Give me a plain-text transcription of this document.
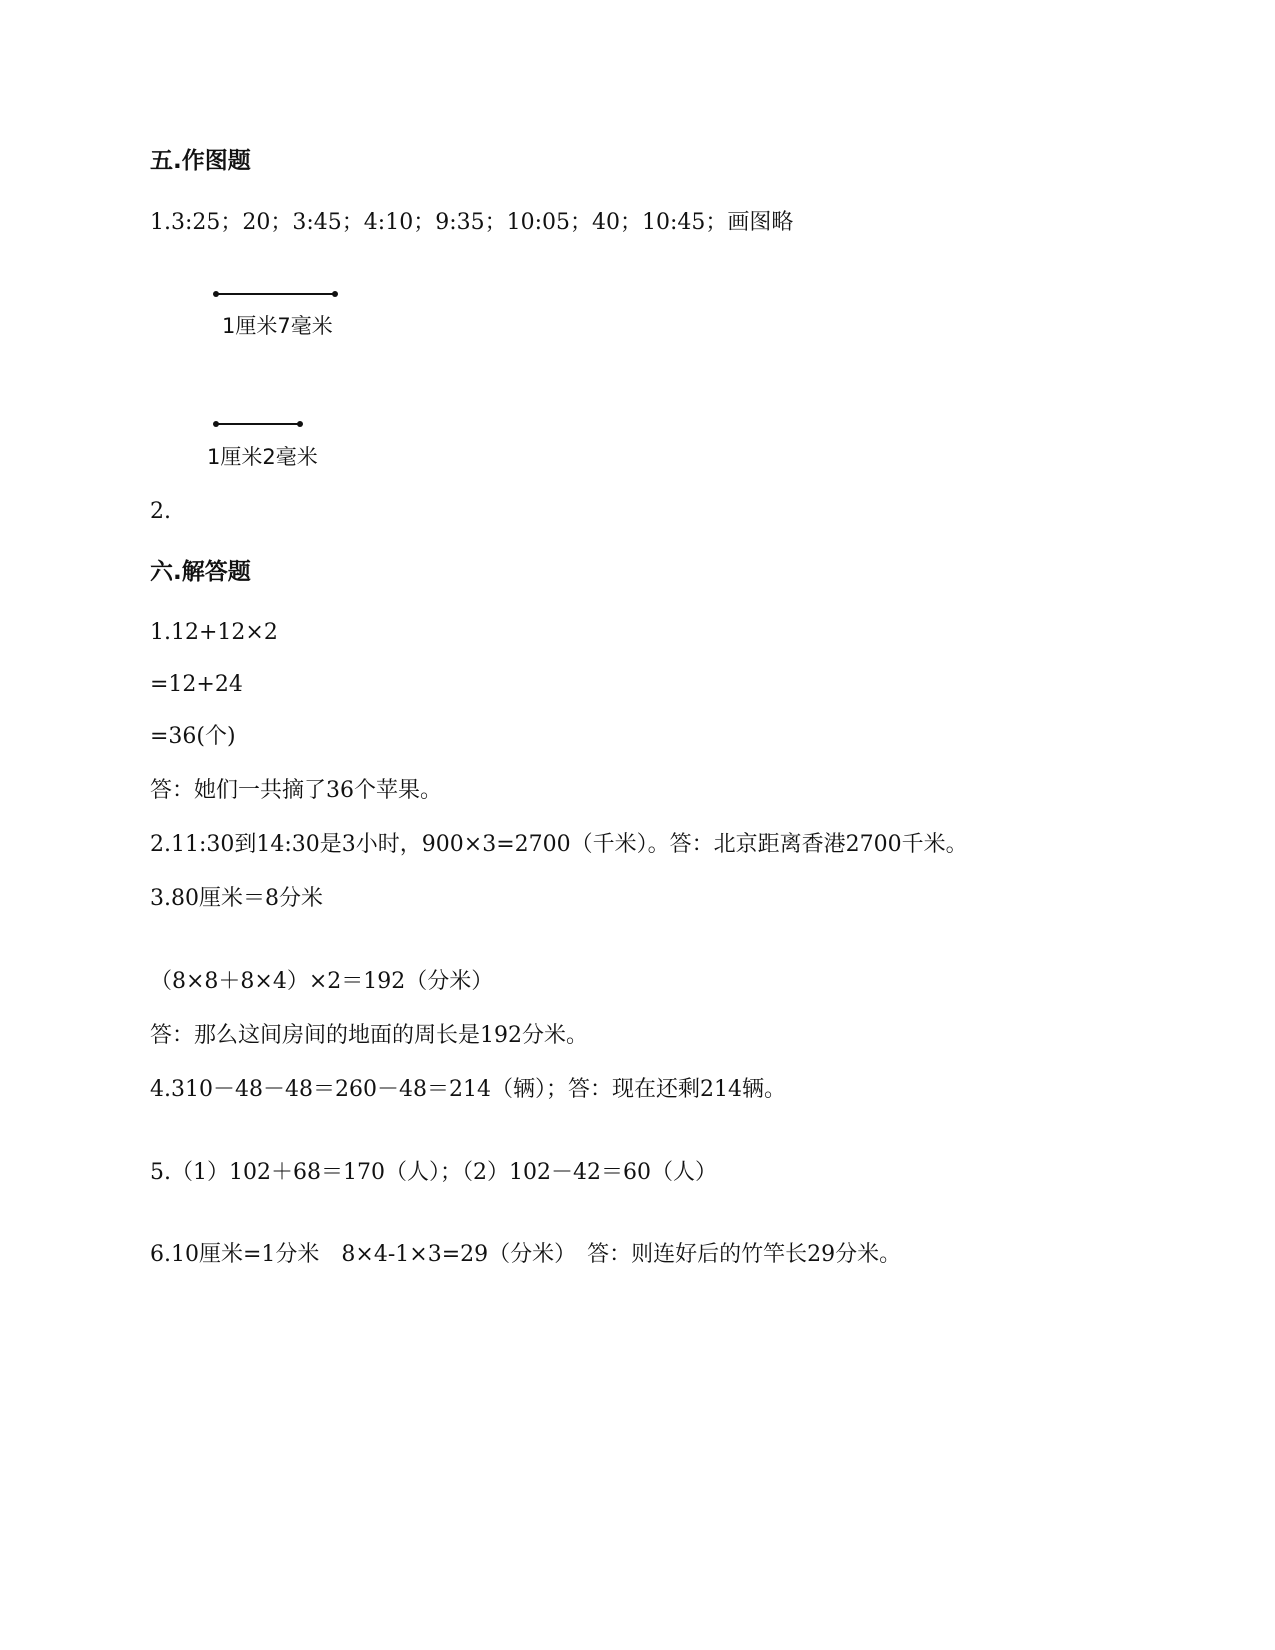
五.作图题
1.3:25；20；3:45；4:10；9:35；10:05；40；10:45；画图略
1厘米7毫米
1厘米2毫米
2.
六.解答题
1.12+12×2
=12+24
=36(个)
答：她们一共摘了36个苹果。
2.11:30到14:30是3小时，900×3=2700（千米）。答：北京距离香港2700千米。
3.80厘米＝8分米
（8×8＋8×4）×2＝192（分米）
答：那么这间房间的地面的周长是192分米。
4.310－48－48＝260－48＝214（辆）；答：现在还剩214辆。
5.（1）102＋68＝170（人）；（2）102－42＝60（人）
6.10厘米=1分米　8×4-1×3=29（分米）　答：则连好后的竹竿长29分米。
